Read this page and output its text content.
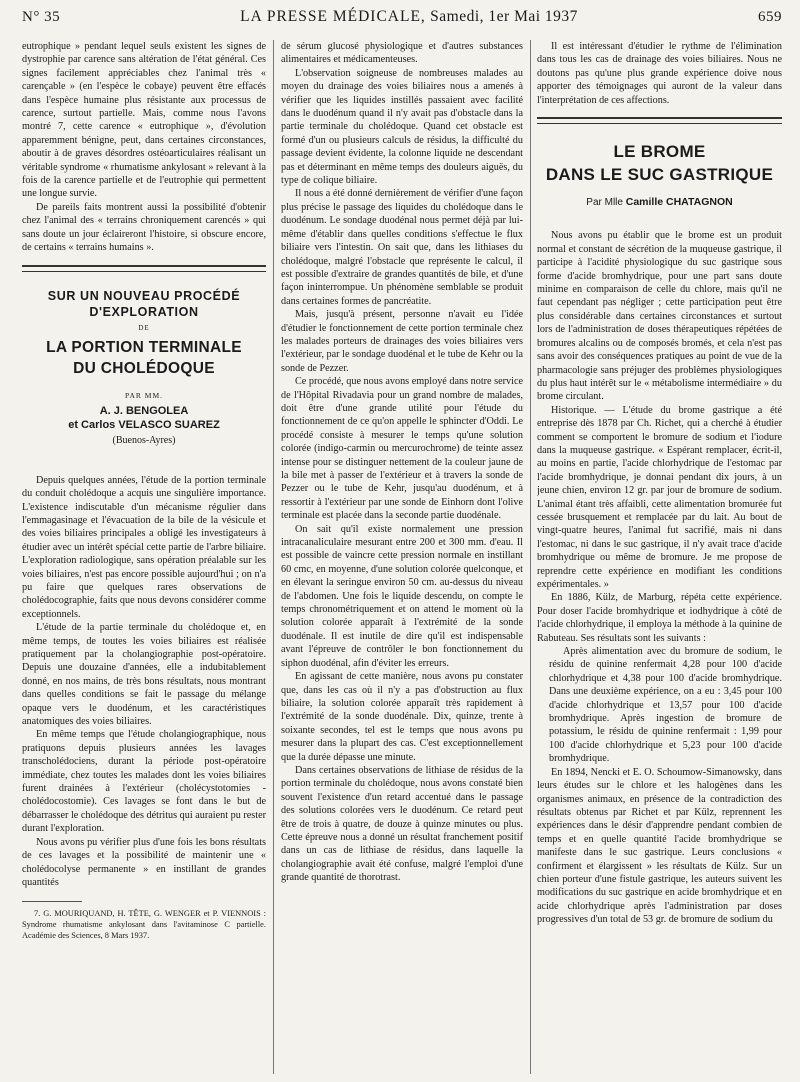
N° 35	LA PRESSE MÉDICALE, Samedi, 1er Mai 1937	659

eutrophique » pendant lequel seuls existent les signes de dystrophie par carence sans altération de l'état général. Ces signes facilement appréciables chez l'animal très « carençable » (en l'espèce le cobaye) peuvent être effacés dans l'espèce humaine plus résistante aux processus de carence, surtout partielle. Mais, comme nous l'avons montré 7, cette carence « eutrophique », d'évolution apparemment bénigne, peut, dans certaines circonstances, aboutir à de graves désordres ostéoarticulaires réalisant un véritable syndrome « rhumatisme ankylosant » relevant à la fois de la carence partielle et de l'eutrophie qui permettent une longue survie.

De pareils faits montrent aussi la possibilité d'obtenir chez l'animal des « terrains chroniquement carencés » qui sans doute un jour éclaireront l'histoire, si obscure encore, de certains « terrains humains ».

SUR UN NOUVEAU PROCÉDÉ
D'EXPLORATION
DE
LA PORTION TERMINALE
DU CHOLÉDOQUE
PAR MM.
A. J. BENGOLEA
et Carlos VELASCO SUAREZ
(Buenos-Ayres)

Depuis quelques années, l'étude de la portion terminale du conduit cholédoque a acquis une singulière importance. L'existence indiscutable d'un mécanisme régulier dans l'emmagasinage et l'évacuation de la bile de la vésicule et des voies biliaires principales a obligé les investigateurs à étudier avec un intérêt spécial cette partie de l'arbre biliaire. L'exploration radiologique, sans opération préalable sur les voies biliaires, n'est pas encore possible aujourd'hui ; on n'a pu faire que quelques rares observations de cholédocographie, faits que nous devons considérer comme exceptionnels.

L'étude de la partie terminale du cholédoque et, en même temps, de toutes les voies biliaires est réalisée pratiquement par la cholangiographie post-opératoire. Depuis une douzaine d'années, elle a indubitablement donné, en nos mains, de très bons résultats, nous montrant dans quelles conditions se fait le passage du mélange opaque vers le duodénum, et les caractéristiques anatomiques des voies biliaires.

En même temps que l'étude cholangiographique, nous pratiquons depuis plusieurs années les lavages transcholédociens, durant la période post-opératoire immédiate, chez toutes les malades dont les voies biliaires furent drainées à l'extérieur (cholécystotomies - cholédocostomie). Ces lavages se font dans le but de débarrasser le cholédoque des détritus qui auraient pu rester durant l'exploration.

Nous avons pu vérifier plus d'une fois les bons résultats de ces lavages et la possibilité de maintenir une « cholédocolyse permanente » en instillant de grandes quantités

7. G. MOURIQUAND, H. TÊTE, G. WENGER et P. VIENNOIS : Syndrome rhumatisme ankylosant dans l'avitaminose C partielle. Académie des Sciences, 8 Mars 1937.

de sérum glucosé physiologique et d'autres substances alimentaires et médicamenteuses.

L'observation soigneuse de nombreuses malades au moyen du drainage des voies biliaires nous a amenés à vérifier que les liquides instillés passaient avec facilité dans le duodénum quand il n'y avait pas d'obstacle dans la partie terminale du cholédoque. Quand cet obstacle est formé d'un ou plusieurs calculs de résidus, la difficulté du passage devient évidente, la colonne liquide ne descendant pas et déterminant en même temps des douleurs aiguës, du type de colique biliaire.

Il nous a été donné dernièrement de vérifier d'une façon plus précise le passage des liquides du cholédoque dans le duodénum. Le sondage duodénal nous permet déjà par lui-même d'établir dans quelles conditions s'effectue le flux biliaire vers l'intestin. On sait que, dans les lithiases du cholédoque, malgré l'obstacle que représente le calcul, il est possible d'extraire de grandes quantités de bile, et d'une façon ininterrompue. Un phénomène semblable se produit dans certaines formes de pancréatite.

Mais, jusqu'à présent, personne n'avait eu l'idée d'étudier le fonctionnement de cette portion terminale chez les malades porteurs de drainages des voies biliaires vers l'extérieur, par le sondage duodénal et le tube de Kehr ou la sonde de Pezzer.

Ce procédé, que nous avons employé dans notre service de l'Hôpital Rivadavia pour un grand nombre de malades, doit être d'une grande utilité pour l'étude du fonctionnement de ce qu'on appelle le sphincter d'Oddi. Le procédé consiste à mesurer le temps qu'une solution colorée (indigo-carmin ou mercurochrome) de teinte assez intense pour se distinguer nettement de la couleur jaune de la bile met à passer de l'extérieur et à travers la sonde de Pezzer ou le tube de Kehr, jusqu'au duodénum, et à ressortir à l'extérieur par une sonde de Einhorn dont l'olive terminale est placée dans la seconde partie duodénale.

On sait qu'il existe normalement une pression intracanaliculaire mesurant entre 200 et 300 mm. d'eau. Il est possible de vaincre cette pression normale en instillant 60 cmc, en moyenne, d'une solution colorée quelconque, et en élevant la seringue environ 50 cm. au-dessus du niveau de l'abdomen. Une fois le liquide descendu, on compte le temps chronométriquement et on attend le moment où la solution colorée apparaît à l'extrémité de la sonde duodénale. Il est inutile de dire qu'il est indispensable avant l'épreuve de contrôler le bon fonctionnement du siphon duodénal, afin d'éviter les erreurs.

En agissant de cette manière, nous avons pu constater que, dans les cas où il n'y a pas d'obstruction au flux biliaire, la solution colorée apparaît très rapidement à l'extrémité de la sonde duodénale. Dix, quinze, trente à soixante secondes, tel est le temps que nous avons pu mesurer dans la plupart des cas. C'est exceptionnellement que la durée dépasse une minute.

Dans certaines observations de lithiase de résidus de la portion terminale du cholédoque, nous avons constaté bien souvent l'existence d'un retard accentué dans le passage des solutions colorées vers le duodénum. Ce retard peut être de trois à quatre, de douze à quinze minutes ou plus. Cette épreuve nous a donné un résultat franchement positif dans un cas de lithiase de résidus, dans laquelle la cholangiographie avait été confuse, malgré l'emploi d'une grande quantité de thorotrast.

Il est intéressant d'étudier le rythme de l'élimination dans tous les cas de drainage des voies biliaires. Nous ne doutons pas qu'une plus grande expérience doive nous apporter des témoignages qui auront de la valeur dans l'interprétation de ces affections.

LE BROME
DANS LE SUC GASTRIQUE
Par Mlle Camille CHATAGNON

Nous avons pu établir que le brome est un produit normal et constant de sécrétion de la muqueuse gastrique, il participe à l'acidité physiologique du suc gastrique sous forme d'acide bromhydrique, pour une part sans doute minime en comparaison de celle du chlore, mais qu'il ne faut cependant pas négliger ; cette participation peut être plus considérable dans certaines circonstances et surtout lors de l'administration de doses thérapeutiques répétées de bromures alcalins ou de composés bromés, et cela n'est pas sans avoir des conséquences pratiques au point de vue de la pharmacologie sans préjuger des problèmes physiologiques du plus haut intérêt sur le « métabolisme intermédiaire » du brome circulant.

Historique. — L'étude du brome gastrique a été entreprise dès 1878 par Ch. Richet, qui a cherché à étudier comment se comportent le bromure de sodium et l'iodure dans la muqueuse gastrique. « Espérant remplacer, écrit-il, au moins en partie, l'acide chlorhydrique de l'estomac par l'acide bromhydrique, je donnai pendant dix jours, à un jeune chien, environ 12 gr. par jour de bromure de sodium. L'animal étant très affaibli, cette alimentation bromurée fut cessée brusquement et remplacée par du lait. Au bout de vingt-quatre heures, l'animal fut sacrifié, mais ni dans l'estomac, ni dans le suc gastrique, il n'y avait trace d'acide bromhydrique ou même de bromure. Je me propose de reprendre cette expérience en modifiant les conditions expérimentales. »

En 1886, Külz, de Marburg, répéta cette expérience. Pour doser l'acide bromhydrique et iodhydrique à côté de l'acide chlorhydrique, il employa la méthode à la quinine de Rabuteau. Ses résultats sont les suivants :

Après alimentation avec du bromure de sodium, le résidu de quinine renfermait 4,28 pour 100 d'acide chlorhydrique et 4,38 pour 100 d'acide bromhydrique. Dans une deuxième expérience, on a eu : 3,45 pour 100 d'acide chlorhydrique et 13,57 pour 100 d'acide bromhydrique. Après ingestion de bromure de potassium, le résidu de quinine renfermait : 1,99 pour 100 d'acide chlorhydrique et 5,23 pour 100 d'acide bromhydrique.

En 1894, Nencki et E. O. Schoumow-Simanowsky, dans leurs études sur le chlore et les halogènes dans les organismes animaux, en présence de la contradiction des résultats obtenus par Richet et par Külz, reprennent les expériences dans le désir d'apprendre pendant combien de temps et en quelle quantité l'acide bromhydrique se manifeste dans le suc gastrique. Leurs conclusions « confirment et élargissent » les résultats de Külz. Sur un chien porteur d'une fistule gastrique, les auteurs suivent les modifications du suc gastrique en acide bromhydrique et en acide chlorhydrique après l'administration par doses progressives d'un total de 53 gr. de bromure de sodium du
